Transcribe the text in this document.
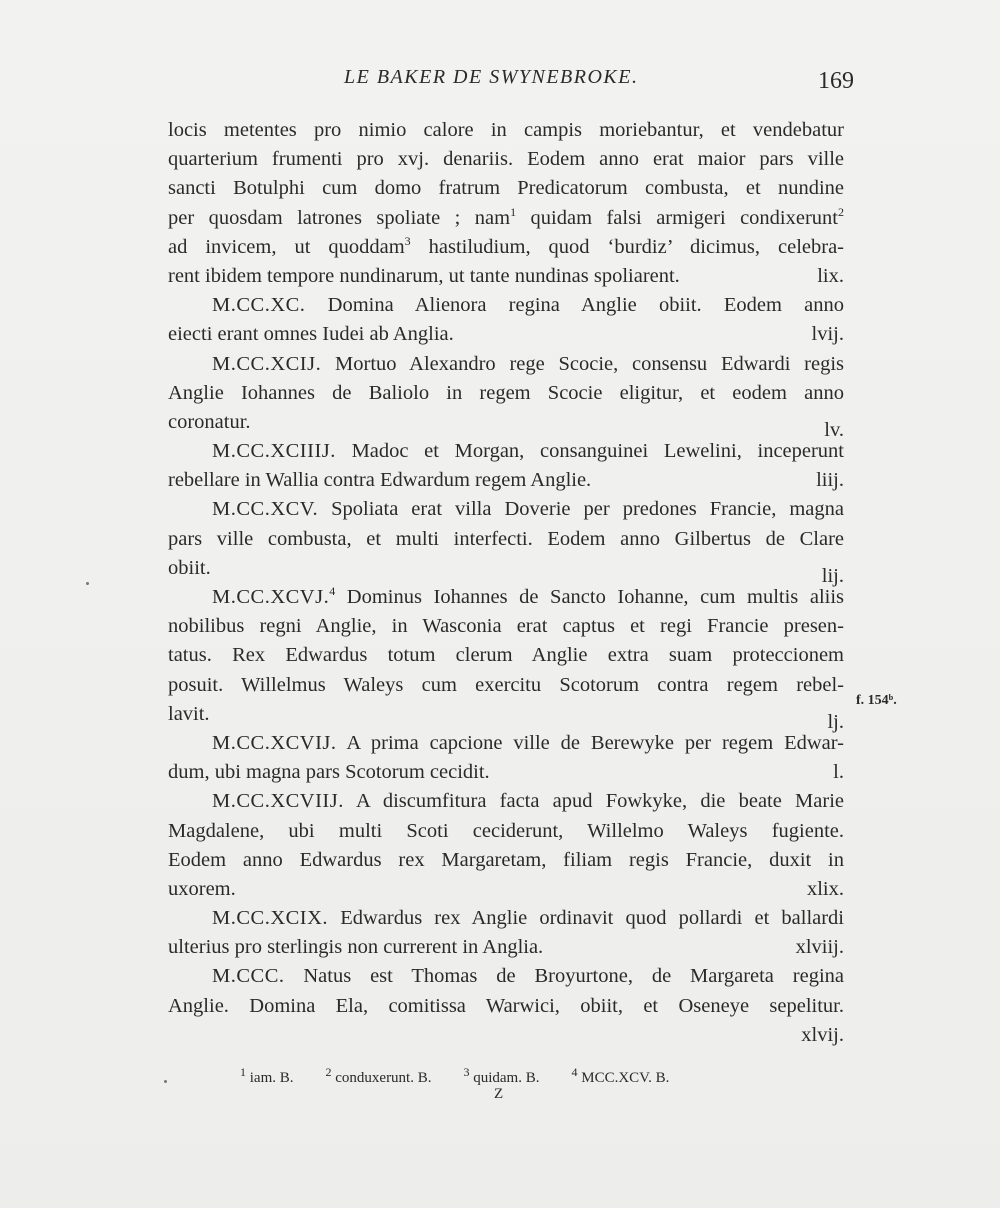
LE BAKER DE SWYNEBROKE.	169
locis metentes pro nimio calore in campis moriebantur, et vendebatur
quarterium frumenti pro xvj. denariis. Eodem anno erat maior pars ville
sancti Botulphi cum domo fratrum Predicatorum combusta, et nundine
per quosdam latrones spoliate ; nam$^1$ quidam falsi armigeri condixerunt$^2$
ad invicem, ut quoddam$^3$ hastiludium, quod ‘burdiz’ dicimus, celebra-
rent ibidem tempore nundinarum, ut tante nundinas spoliarent.	lix.
M.CC.XC. Domina Alienora regina Anglie obiit. Eodem anno
eiecti erant omnes Iudei ab Anglia.	lvij.
M.CC.XCIJ. Mortuo Alexandro rege Scocie, consensu Edwardi regis
Anglie Iohannes de Baliolo in regem Scocie eligitur, et eodem anno
coronatur.	lv.
M.CC.XCIIIJ. Madoc et Morgan, consanguinei Lewelini, inceperunt
rebellare in Wallia contra Edwardum regem Anglie.	liij.
M.CC.XCV. Spoliata erat villa Doverie per predones Francie, magna
pars ville combusta, et multi interfecti. Eodem anno Gilbertus de Clare
obiit.	lij.
M.CC.XCVJ.$^4$ Dominus Iohannes de Sancto Iohanne, cum multis aliis
nobilibus regni Anglie, in Wasconia erat captus et regi Francie presen-
tatus. Rex Edwardus totum clerum Anglie extra suam proteccionem
posuit. Willelmus Waleys cum exercitu Scotorum contra regem rebel-
lavit.	lj.
M.CC.XCVIJ. A prima capcione ville de Berewyke per regem Edwar-
dum, ubi magna pars Scotorum cecidit.	l.
M.CC.XCVIIJ. A discumfitura facta apud Fowkyke, die beate Marie
Magdalene, ubi multi Scoti ceciderunt, Willelmo Waleys fugiente.
Eodem anno Edwardus rex Margaretam, filiam regis Francie, duxit in
uxorem.	xlix.
M.CC.XCIX. Edwardus rex Anglie ordinavit quod pollardi et ballardi
ulterius pro sterlingis non currerent in Anglia.	xlviij.
M.CCC. Natus est Thomas de Broyurtone, de Margareta regina
Anglie. Domina Ela, comitissa Warwici, obiit, et Oseneye sepelitur.
xlvij.
f. 154ᵇ.
$^1$ iam. B.	$^2$ conduxerunt. B.	$^3$ quidam. B.	$^4$ MCC.XCV. B.
Z
